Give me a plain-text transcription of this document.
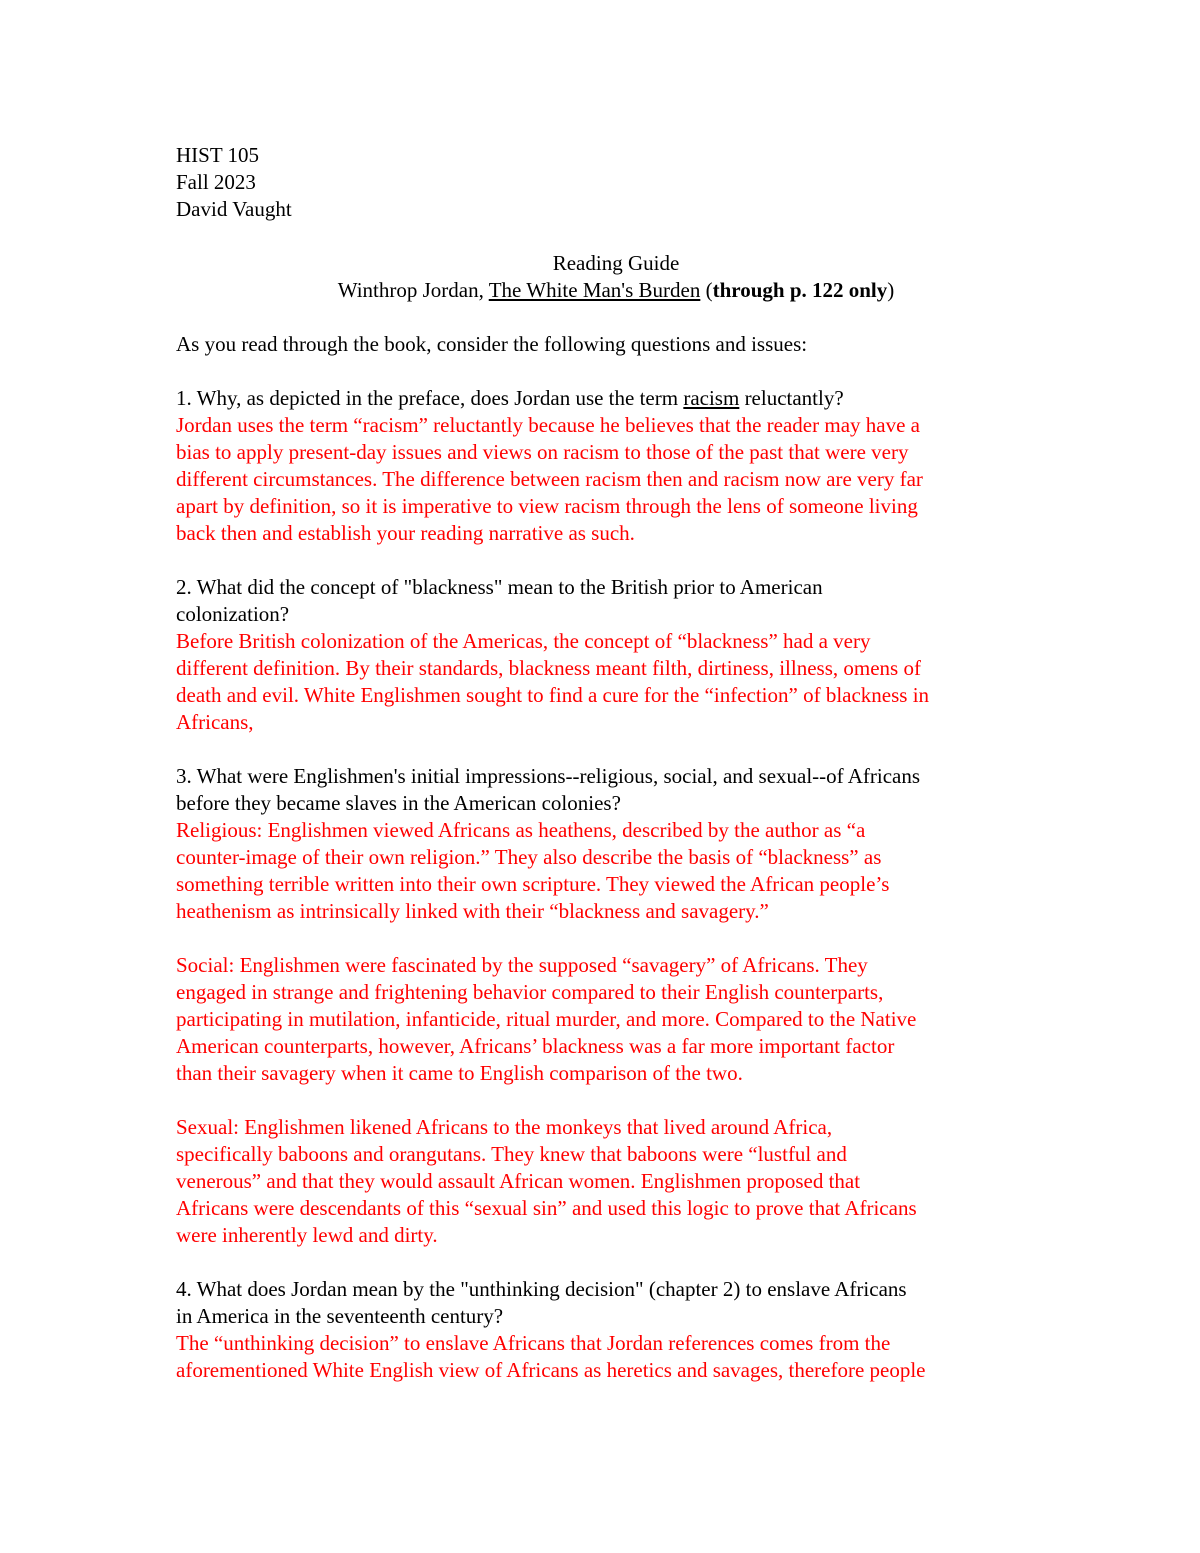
HIST 105
Fall 2023
David Vaught
Reading Guide
Winthrop Jordan, The White Man's Burden (through p. 122 only)
As you read through the book, consider the following questions and issues:
1. Why, as depicted in the preface, does Jordan use the term racism reluctantly?
Jordan uses the term “racism” reluctantly because he believes that the reader may have a
bias to apply present-day issues and views on racism to those of the past that were very
different circumstances. The difference between racism then and racism now are very far
apart by definition, so it is imperative to view racism through the lens of someone living
back then and establish your reading narrative as such.
2. What did the concept of "blackness" mean to the British prior to American
colonization?
Before British colonization of the Americas, the concept of “blackness” had a very
different definition. By their standards, blackness meant filth, dirtiness, illness, omens of
death and evil. White Englishmen sought to find a cure for the “infection” of blackness in
Africans,
3. What were Englishmen's initial impressions--religious, social, and sexual--of Africans
before they became slaves in the American colonies?
Religious: Englishmen viewed Africans as heathens, described by the author as “a
counter-image of their own religion.” They also describe the basis of “blackness” as
something terrible written into their own scripture. They viewed the African people’s
heathenism as intrinsically linked with their “blackness and savagery.”
Social: Englishmen were fascinated by the supposed “savagery” of Africans. They
engaged in strange and frightening behavior compared to their English counterparts,
participating in mutilation, infanticide, ritual murder, and more. Compared to the Native
American counterparts, however, Africans’ blackness was a far more important factor
than their savagery when it came to English comparison of the two.
Sexual: Englishmen likened Africans to the monkeys that lived around Africa,
specifically baboons and orangutans. They knew that baboons were “lustful and
venerous” and that they would assault African women. Englishmen proposed that
Africans were descendants of this “sexual sin” and used this logic to prove that Africans
were inherently lewd and dirty.
4. What does Jordan mean by the "unthinking decision" (chapter 2) to enslave Africans
in America in the seventeenth century?
The “unthinking decision” to enslave Africans that Jordan references comes from the
aforementioned White English view of Africans as heretics and savages, therefore people
